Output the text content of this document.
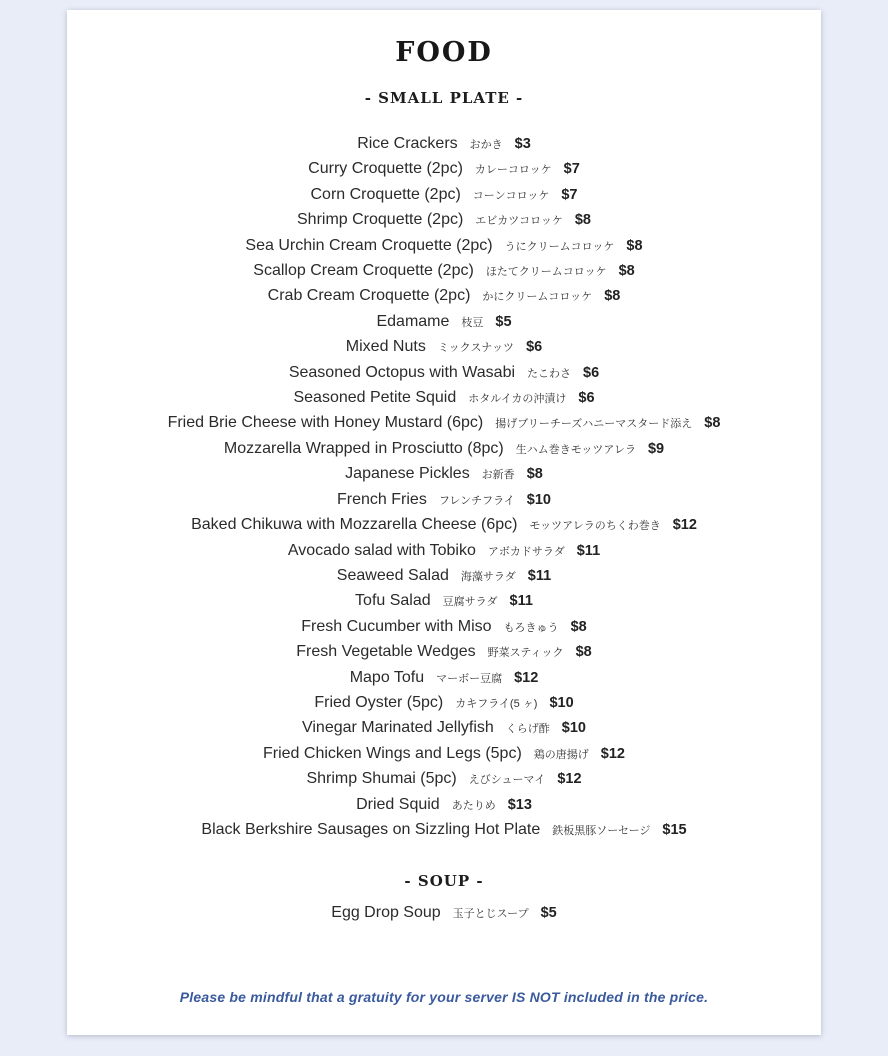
FOOD
- SMALL PLATE -
Rice Crackers おかき $3
Curry Croquette (2pc) カレーコロッケ $7
Corn Croquette (2pc) コーンコロッケ $7
Shrimp Croquette (2pc) エビカツコロッケ $8
Sea Urchin Cream Croquette (2pc) うにクリームコロッケ $8
Scallop Cream Croquette (2pc) ほたてクリームコロッケ $8
Crab Cream Croquette (2pc) かにクリームコロッケ $8
Edamame 枝豆 $5
Mixed Nuts ミックスナッツ $6
Seasoned Octopus with Wasabi たこわさ $6
Seasoned Petite Squid ホタルイカの沖漬け $6
Fried Brie Cheese with Honey Mustard (6pc) 揚げブリーチーズハニーマスタード添え $8
Mozzarella Wrapped in Prosciutto (8pc) 生ハム巻きモッツアレラ $9
Japanese Pickles お新香 $8
French Fries フレンチフライ $10
Baked Chikuwa with Mozzarella Cheese (6pc) モッツアレラのちくわ巻き $12
Avocado salad with Tobiko アボカドサラダ $11
Seaweed Salad 海藻サラダ $11
Tofu Salad 豆腐サラダ $11
Fresh Cucumber with Miso もろきゅう $8
Fresh Vegetable Wedges 野菜スティック $8
Mapo Tofu マーボー豆腐 $12
Fried Oyster (5pc) カキフライ(5 ヶ) $10
Vinegar Marinated Jellyfish くらげ酢 $10
Fried Chicken Wings and Legs (5pc) 鶏の唐揚げ $12
Shrimp Shumai (5pc) えびシューマイ $12
Dried Squid あたりめ $13
Black Berkshire Sausages on Sizzling Hot Plate 鉄板黒豚ソーセージ $15
- SOUP -
Egg Drop Soup 玉子とじスープ $5

Please be mindful that a gratuity for your server IS NOT included in the price.
